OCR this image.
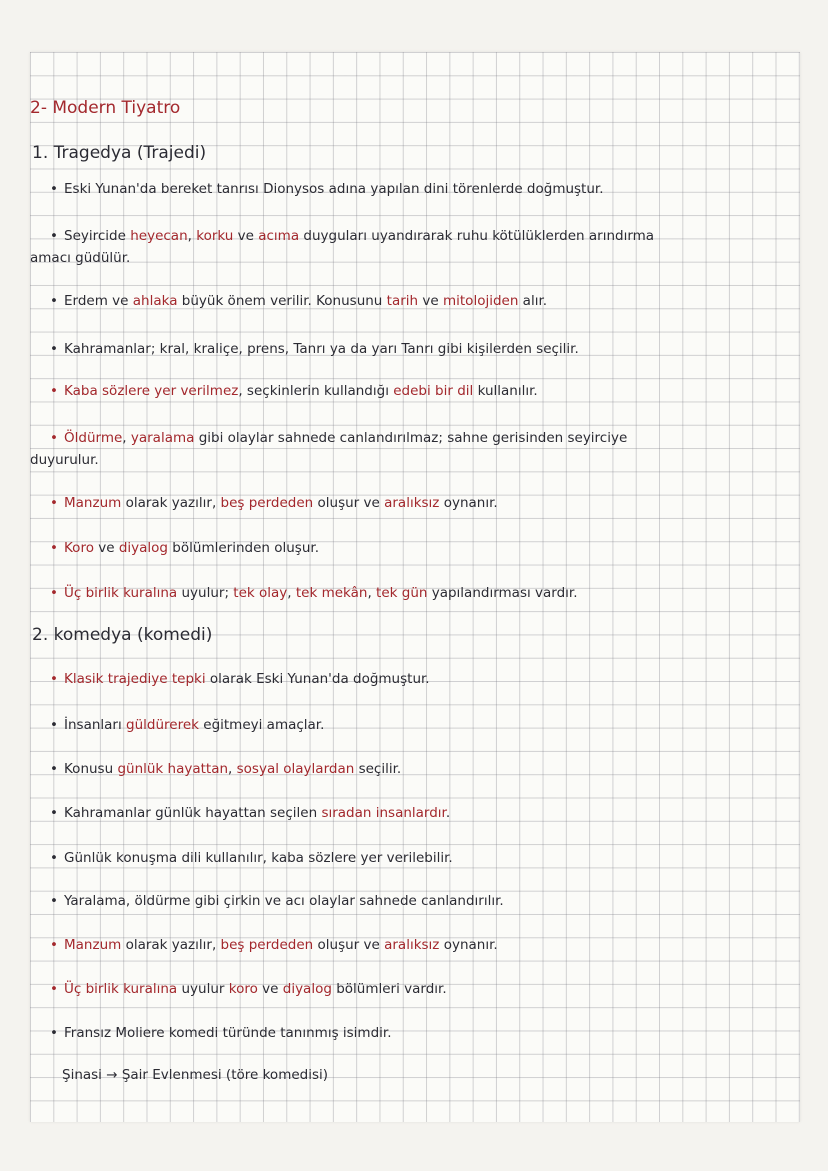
2- Modern Tiyatro
1. Tragedya (Trajedi)
• Eski Yunan'da bereket tanrısı Dionysos adına yapılan dini törenlerde doğmuştur.
• Seyircide heyecan, korku ve acıma duyguları uyandırarak ruhu kötülüklerden arındırma
amacı güdülür.
• Erdem ve ahlaka büyük önem verilir. Konusunu tarih ve mitolojiden alır.
• Kahramanlar; kral, kraliçe, prens, Tanrı ya da yarı Tanrı gibi kişilerden seçilir.
• Kaba sözlere yer verilmez, seçkinlerin kullandığı edebi bir dil kullanılır.
• Öldürme, yaralama gibi olaylar sahnede canlandırılmaz; sahne gerisinden seyirciye
duyurulur.
• Manzum olarak yazılır, beş perdeden oluşur ve aralıksız oynanır.
• Koro ve diyalog bölümlerinden oluşur.
• Üç birlik kuralına uyulur; tek olay, tek mekân, tek gün yapılandırması vardır.
2. komedya (komedi)
• Klasik trajediye tepki olarak Eski Yunan'da doğmuştur.
• İnsanları güldürerek eğitmeyi amaçlar.
• Konusu günlük hayattan, sosyal olaylardan seçilir.
• Kahramanlar günlük hayattan seçilen sıradan insanlardır.
• Günlük konuşma dili kullanılır, kaba sözlere yer verilebilir.
• Yaralama, öldürme gibi çirkin ve acı olaylar sahnede canlandırılır.
• Manzum olarak yazılır, beş perdeden oluşur ve aralıksız oynanır.
• Üç birlik kuralına uyulur koro ve diyalog bölümleri vardır.
• Fransız Moliere komedi türünde tanınmış isimdir.
Şinasi → Şair Evlenmesi (töre komedisi)
